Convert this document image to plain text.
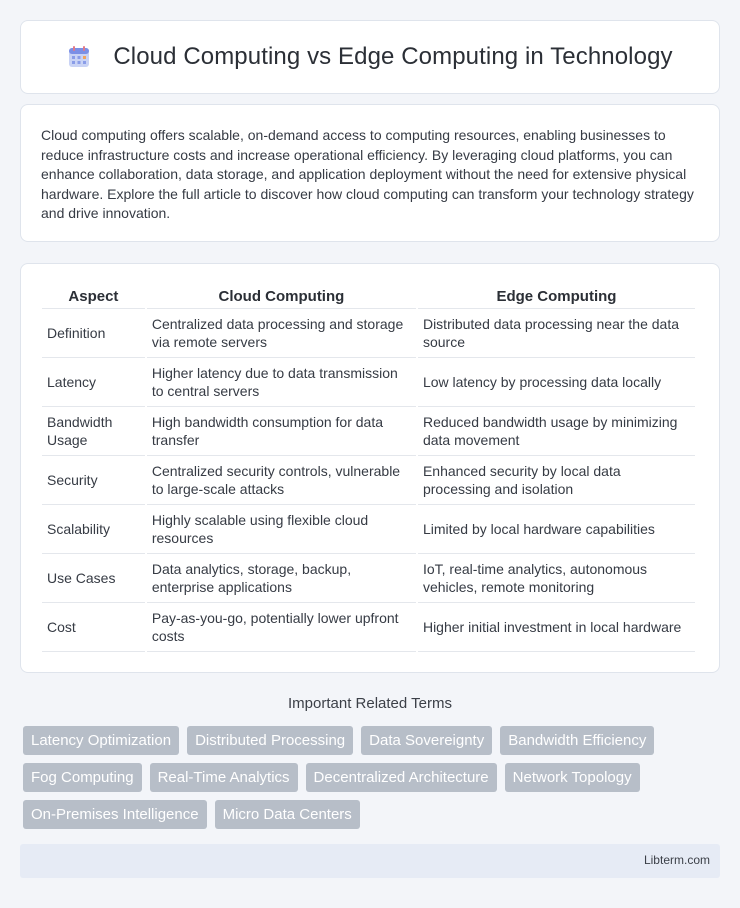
Cloud Computing vs Edge Computing in Technology

Cloud computing offers scalable, on-demand access to computing resources, enabling businesses to reduce infrastructure costs and increase operational efficiency. By leveraging cloud platforms, you can enhance collaboration, data storage, and application deployment without the need for extensive physical hardware. Explore the full article to discover how cloud computing can transform your technology strategy and drive innovation.

Aspect	Cloud Computing	Edge Computing
Definition	Centralized data processing and storage via remote servers	Distributed data processing near the data source
Latency	Higher latency due to data transmission to central servers	Low latency by processing data locally
Bandwidth Usage	High bandwidth consumption for data transfer	Reduced bandwidth usage by minimizing data movement
Security	Centralized security controls, vulnerable to large-scale attacks	Enhanced security by local data processing and isolation
Scalability	Highly scalable using flexible cloud resources	Limited by local hardware capabilities
Use Cases	Data analytics, storage, backup, enterprise applications	IoT, real-time analytics, autonomous vehicles, remote monitoring
Cost	Pay-as-you-go, potentially lower upfront costs	Higher initial investment in local hardware
Important Related Terms
Latency Optimization	Distributed Processing	Data Sovereignty	Bandwidth Efficiency
Fog Computing	Real-Time Analytics	Decentralized Architecture	Network Topology
On-Premises Intelligence	Micro Data Centers
Libterm.com
